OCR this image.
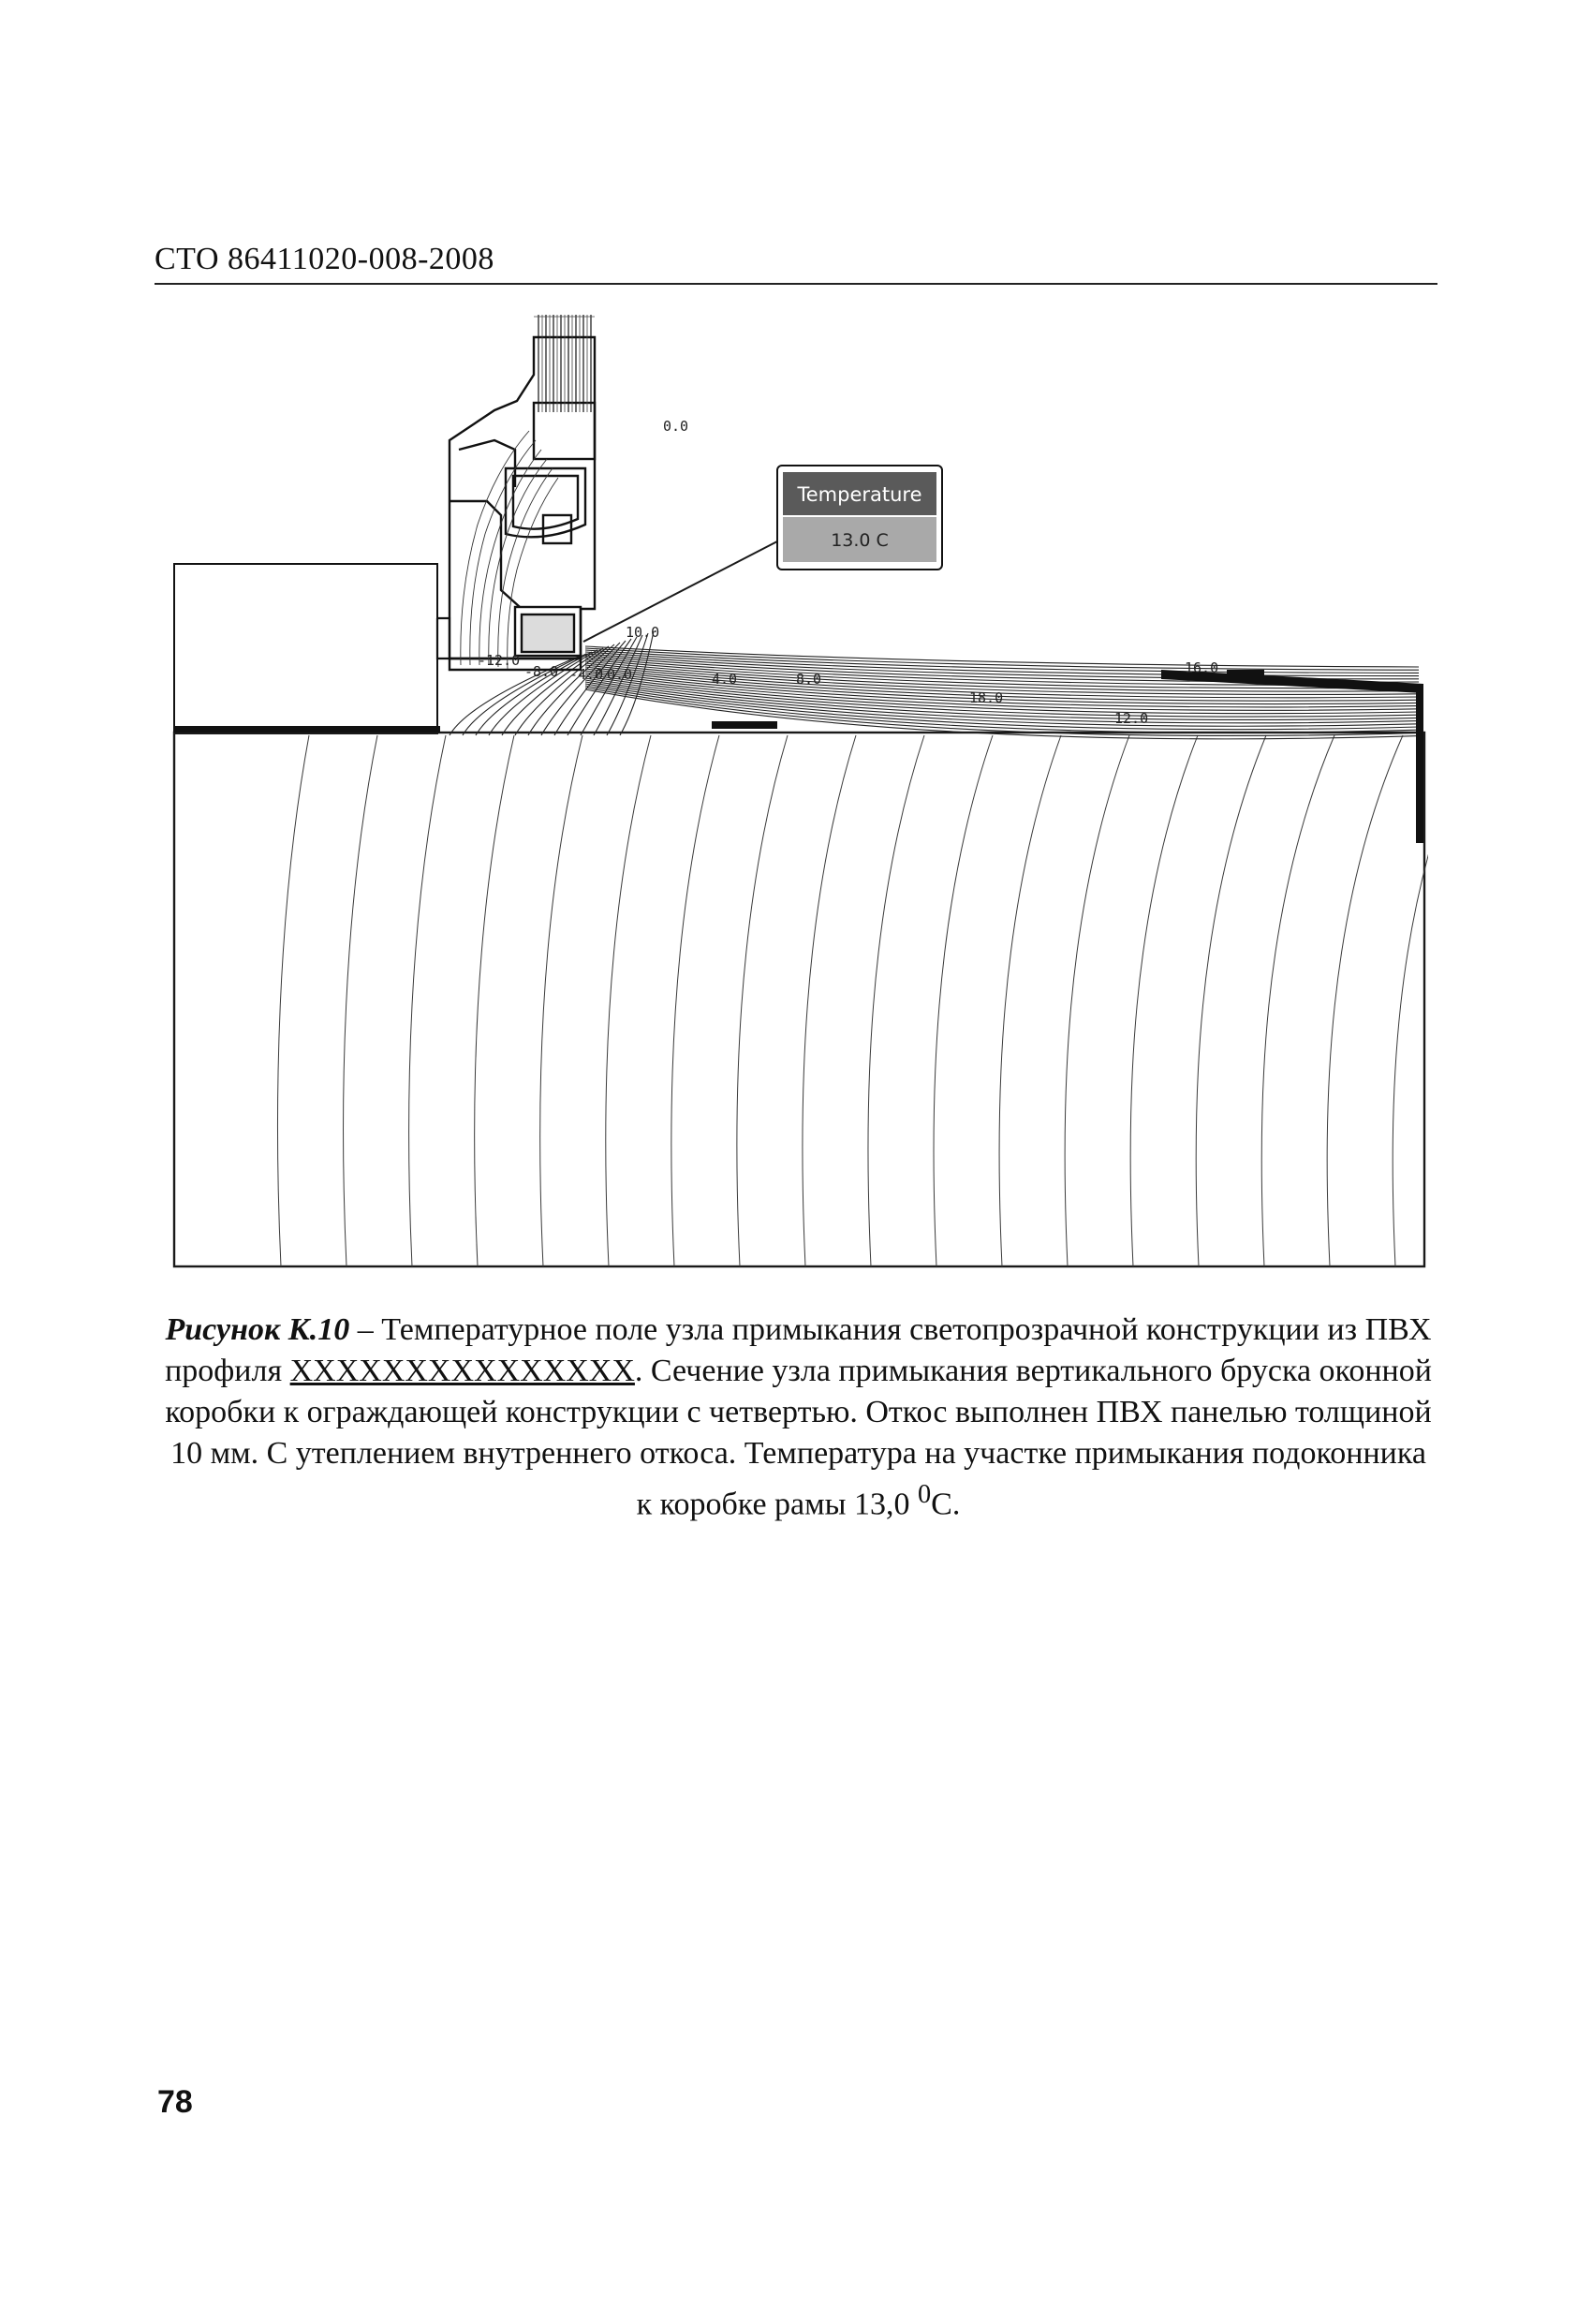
СТО 86411020-008-2008
Temperature
13.0 C
18.0
16.0
12.0
8.0
4.0
0.0
-4.0
-8.0
-12.0
10.0
0.0
Рисунок К.10 – Температурное поле узла примыкания светопрозрачной конструкции из ПВХ профиля XXXXXXXXXXXXXXX. Сечение узла примыкания вертикального бруска оконной коробки к ограждающей конструкции с четвертью. Откос выполнен ПВХ панелью толщиной 10 мм. С утеплением внутреннего откоса. Температура на участке примыкания подоконника к коробке рамы 13,0 $^0$С.
78
